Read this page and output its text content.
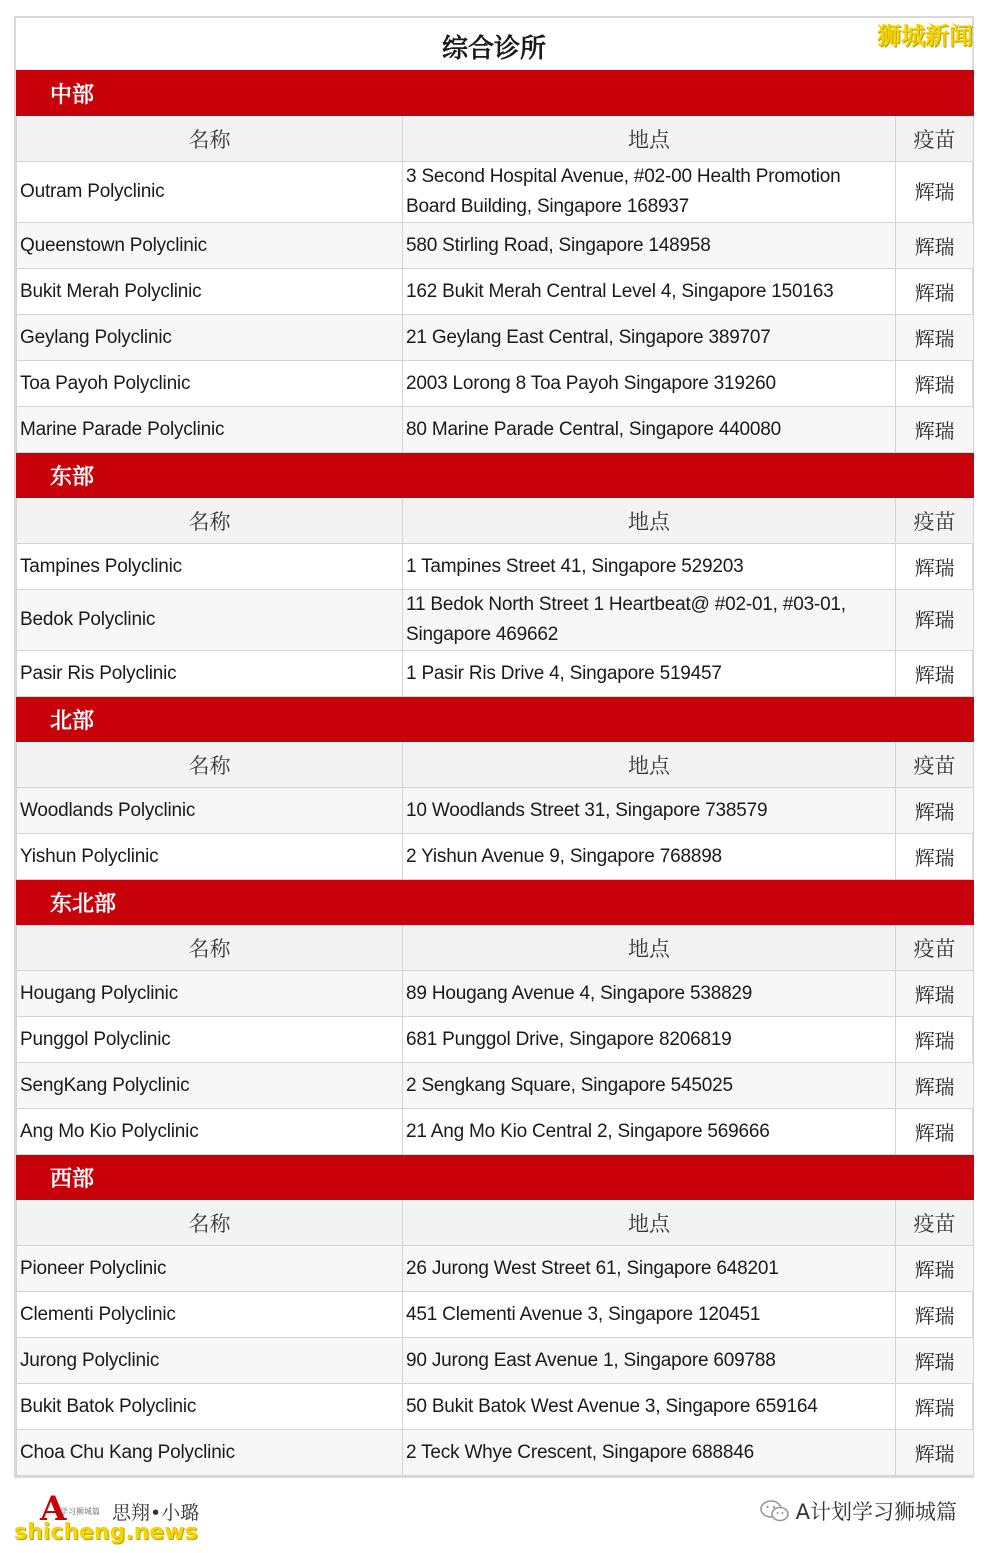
综合诊所	狮城新闻
中部		
名称	地点	疫苗
Outram Polyclinic	3 Second Hospital Avenue, #02-00 Health Promotion Board Building, Singapore 168937	辉瑞
Queenstown Polyclinic	580 Stirling Road, Singapore 148958	辉瑞
Bukit Merah Polyclinic	162 Bukit Merah Central Level 4, Singapore 150163	辉瑞
Geylang Polyclinic	21 Geylang East Central, Singapore 389707	辉瑞
Toa Payoh Polyclinic	2003 Lorong 8 Toa Payoh Singapore 319260	辉瑞
Marine Parade Polyclinic	80 Marine Parade Central, Singapore 440080	辉瑞
东部		
名称	地点	疫苗
Tampines Polyclinic	1 Tampines Street 41, Singapore 529203	辉瑞
Bedok Polyclinic	11 Bedok North Street 1 Heartbeat@ #02-01, #03-01, Singapore 469662	辉瑞
Pasir Ris Polyclinic	1 Pasir Ris Drive 4, Singapore 519457	辉瑞
北部		
名称	地点	疫苗
Woodlands Polyclinic	10 Woodlands Street 31, Singapore 738579	辉瑞
Yishun Polyclinic	2 Yishun Avenue 9, Singapore 768898	辉瑞
东北部		
名称	地点	疫苗
Hougang Polyclinic	89 Hougang Avenue 4, Singapore 538829	辉瑞
Punggol Polyclinic	681 Punggol Drive, Singapore 8206819	辉瑞
SengKang Polyclinic	2 Sengkang Square, Singapore 545025	辉瑞
Ang Mo Kio Polyclinic	21 Ang Mo Kio Central 2, Singapore 569666	辉瑞
西部		
名称	地点	疫苗
Pioneer Polyclinic	26 Jurong West Street 61, Singapore 648201	辉瑞
Clementi Polyclinic	451 Clementi Avenue 3, Singapore 120451	辉瑞
Jurong Polyclinic	90 Jurong East Avenue 1, Singapore 609788	辉瑞
Bukit Batok Polyclinic	50 Bukit Batok West Avenue 3, Singapore 659164	辉瑞
Choa Chu Kang Polyclinic	2 Teck Whye Crescent, Singapore 688846	辉瑞
A
学习狮城篇 思翔•小璐
shicheng.news
A计划学习狮城篇
